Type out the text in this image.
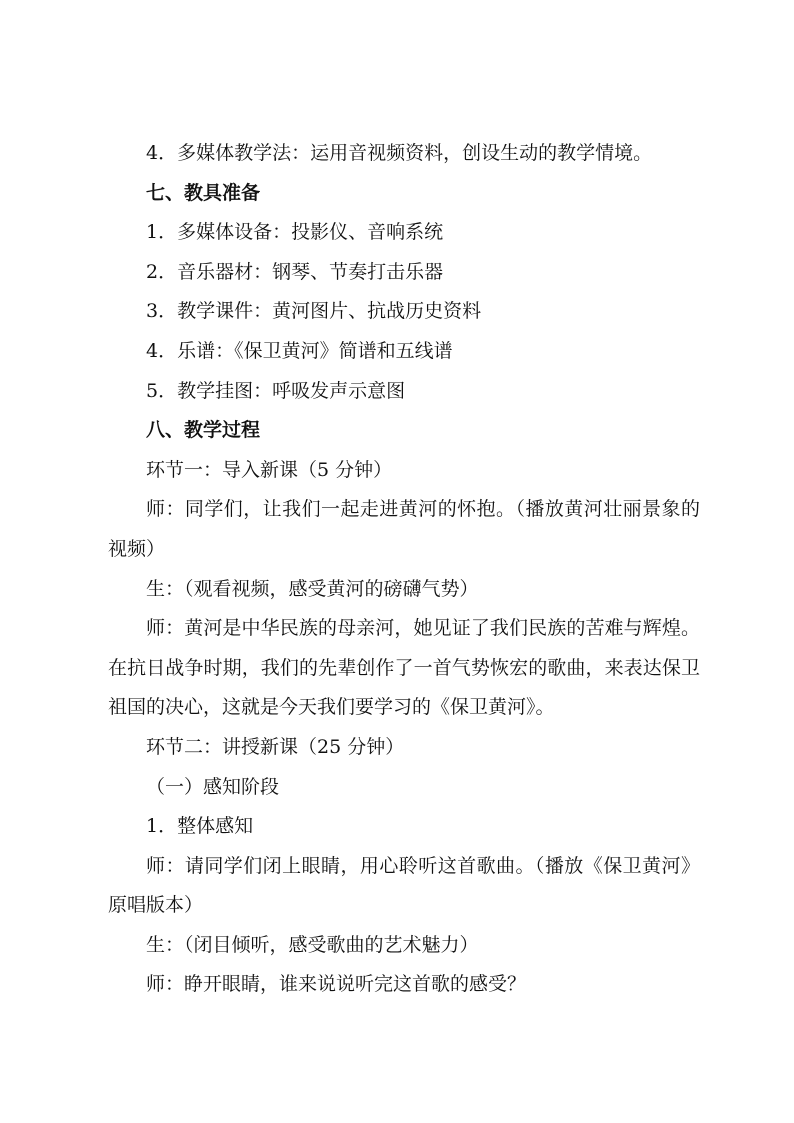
4．多媒体教学法：运用音视频资料，创设生动的教学情境。

七、教具准备

1．多媒体设备：投影仪、音响系统

2．音乐器材：钢琴、节奏打击乐器

3．教学课件：黄河图片、抗战历史资料

4．乐谱：《保卫黄河》简谱和五线谱

5．教学挂图：呼吸发声示意图

八、教学过程

环节一：导入新课（5 分钟）

师：同学们，让我们一起走进黄河的怀抱。（播放黄河壮丽景象的视频）

生：（观看视频，感受黄河的磅礴气势）

师：黄河是中华民族的母亲河，她见证了我们民族的苦难与辉煌。在抗日战争时期，我们的先辈创作了一首气势恢宏的歌曲，来表达保卫祖国的决心，这就是今天我们要学习的《保卫黄河》。

环节二：讲授新课（25 分钟）

（一）感知阶段

1．整体感知

师：请同学们闭上眼睛，用心聆听这首歌曲。（播放《保卫黄河》原唱版本）

生：（闭目倾听，感受歌曲的艺术魅力）

师：睁开眼睛，谁来说说听完这首歌的感受？
